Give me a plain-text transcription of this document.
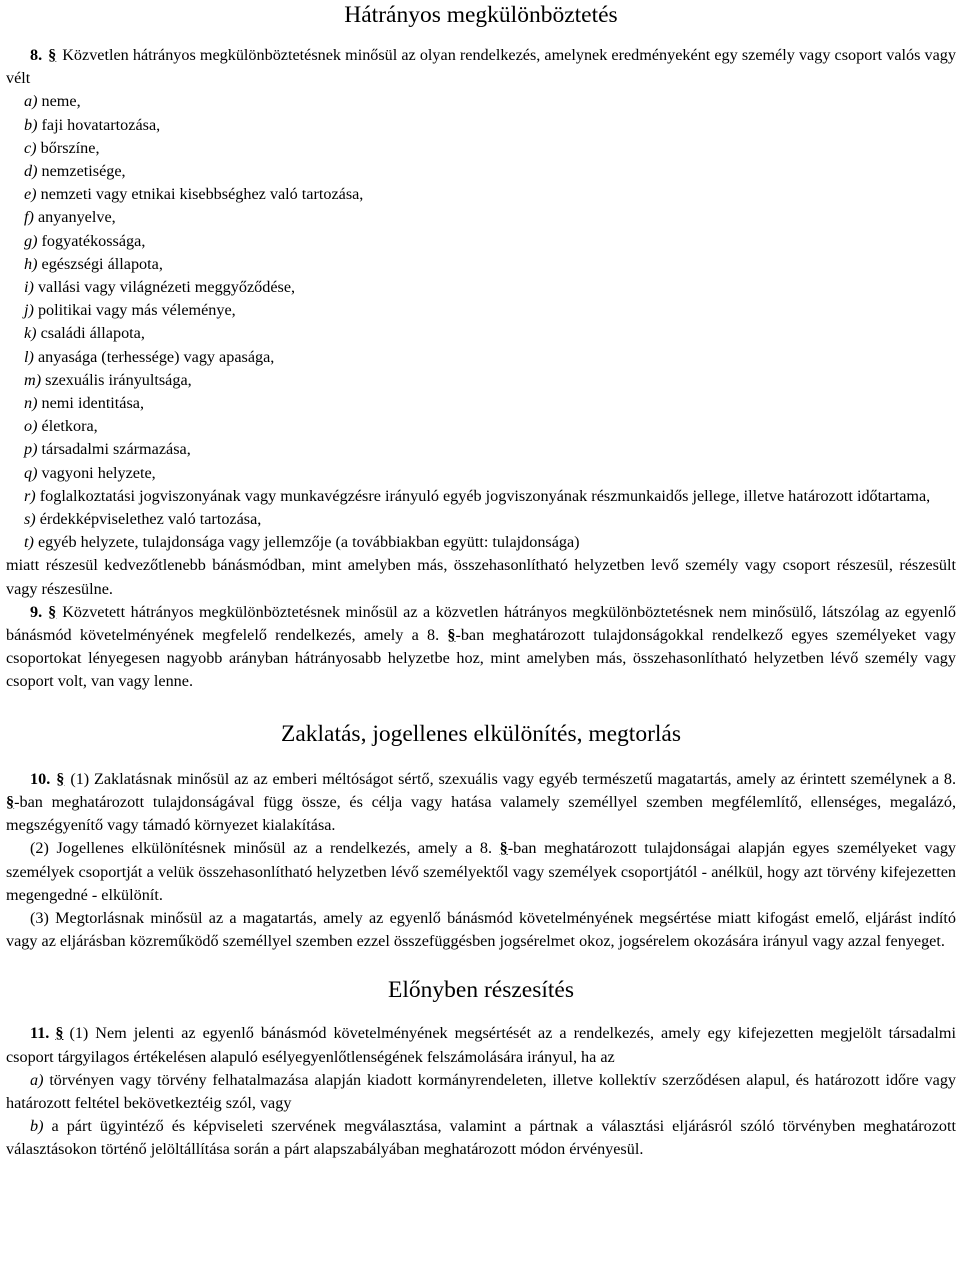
Hátrányos megkülönböztetés

8. § Közvetlen hátrányos megkülönböztetésnek minősül az olyan rendelkezés, amelynek eredményeként egy személy vagy csoport valós vagy vélt

a) neme,

b) faji hovatartozása,

c) bőrszíne,

d) nemzetisége,

e) nemzeti vagy etnikai kisebbséghez való tartozása,

f) anyanyelve,

g) fogyatékossága,

h) egészségi állapota,

i) vallási vagy világnézeti meggyőződése,

j) politikai vagy más véleménye,

k) családi állapota,

l) anyasága (terhessége) vagy apasága,

m) szexuális irányultsága,

n) nemi identitása,

o) életkora,

p) társadalmi származása,

q) vagyoni helyzete,

r) foglalkoztatási jogviszonyának vagy munkavégzésre irányuló egyéb jogviszonyának részmunkaidős jellege, illetve határozott időtartama,

s) érdekképviselethez való tartozása,

t) egyéb helyzete, tulajdonsága vagy jellemzője (a továbbiakban együtt: tulajdonsága)

miatt részesül kedvezőtlenebb bánásmódban, mint amelyben más, összehasonlítható helyzetben levő személy vagy csoport részesül, részesült vagy részesülne.

9. § Közvetett hátrányos megkülönböztetésnek minősül az a közvetlen hátrányos megkülönböztetésnek nem minősülő, látszólag az egyenlő bánásmód követelményének megfelelő rendelkezés, amely a 8. §-ban meghatározott tulajdonságokkal rendelkező egyes személyeket vagy csoportokat lényegesen nagyobb arányban hátrányosabb helyzetbe hoz, mint amelyben más, összehasonlítható helyzetben lévő személy vagy csoport volt, van vagy lenne.

Zaklatás, jogellenes elkülönítés, megtorlás

10. § (1) Zaklatásnak minősül az az emberi méltóságot sértő, szexuális vagy egyéb természetű magatartás, amely az érintett személynek a 8. §-ban meghatározott tulajdonságával függ össze, és célja vagy hatása valamely személlyel szemben megfélemlítő, ellenséges, megalázó, megszégyenítő vagy támadó környezet kialakítása.

(2) Jogellenes elkülönítésnek minősül az a rendelkezés, amely a 8. §-ban meghatározott tulajdonságai alapján egyes személyeket vagy személyek csoportját a velük összehasonlítható helyzetben lévő személyektől vagy személyek csoportjától - anélkül, hogy azt törvény kifejezetten megengedné - elkülönít.

(3) Megtorlásnak minősül az a magatartás, amely az egyenlő bánásmód követelményének megsértése miatt kifogást emelő, eljárást indító vagy az eljárásban közreműködő személlyel szemben ezzel összefüggésben jogsérelmet okoz, jogsérelem okozására irányul vagy azzal fenyeget.

Előnyben részesítés

11. § (1) Nem jelenti az egyenlő bánásmód követelményének megsértését az a rendelkezés, amely egy kifejezetten megjelölt társadalmi csoport tárgyilagos értékelésen alapuló esélyegyenlőtlenségének felszámolására irányul, ha az

a) törvényen vagy törvény felhatalmazása alapján kiadott kormányrendeleten, illetve kollektív szerződésen alapul, és határozott időre vagy határozott feltétel bekövetkeztéig szól, vagy

b) a párt ügyintéző és képviseleti szervének megválasztása, valamint a pártnak a választási eljárásról szóló törvényben meghatározott választásokon történő jelöltállítása során a párt alapszabályában meghatározott módon érvényesül.
